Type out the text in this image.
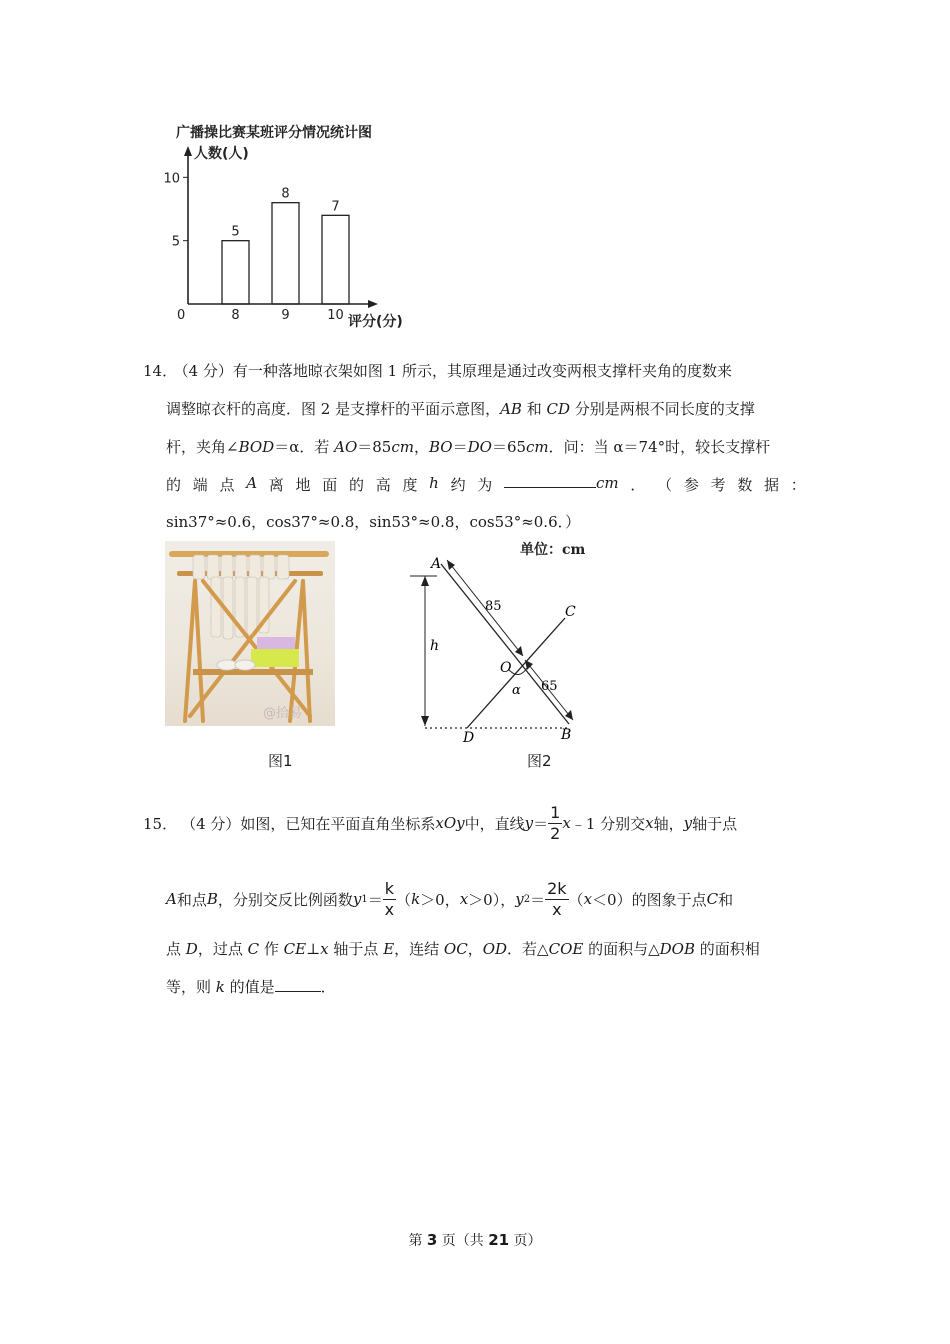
广播操比赛某班评分情况统计图
人数(人)
评分(分)
0
5
10
5
8
8
9
7
10
14． （4 分）有一种落地晾衣架如图 1 所示，其原理是通过改变两根支撑杆夹角的度数来
调整晾衣杆的高度．图 2 是支撑杆的平面示意图，AB 和 CD 分别是两根不同长度的支撑
杆，夹角∠BOD＝α．若 AO＝85cm，BO＝DO＝65cm．问：当 α＝74°时，较长支撑杆
的 端 点 A 离 地 面 的 高 度 h 约 为	cm ． （ 参 考 数 据 ：
sin37°≈0.6，cos37°≈0.8，sin53°≈0.8，cos53°≈0.6．）
@拾易
图1
单位：cm
A
B
C
D
O
h
α
85
65
图2
15． （4 分） 如图，已知在平面直角坐标系 xOy 中，直线 $y = \frac{1}{2}$ x ﹣1 分别交 x 轴， y 轴于点
A 和点 B ，分别交反比例函数 y $1 = \frac{k}{x}$ （ k ＞0， x ＞0）， y $2 = \frac{2k}{x}$ （ x ＜0）的图象于点 C 和
点 D，过点 C 作 CE⊥x 轴于点 E，连结 OC，OD．若△COE 的面积与△DOB 的面积相
等，则 k 的值是	．
第 3 页（共 21 页）
